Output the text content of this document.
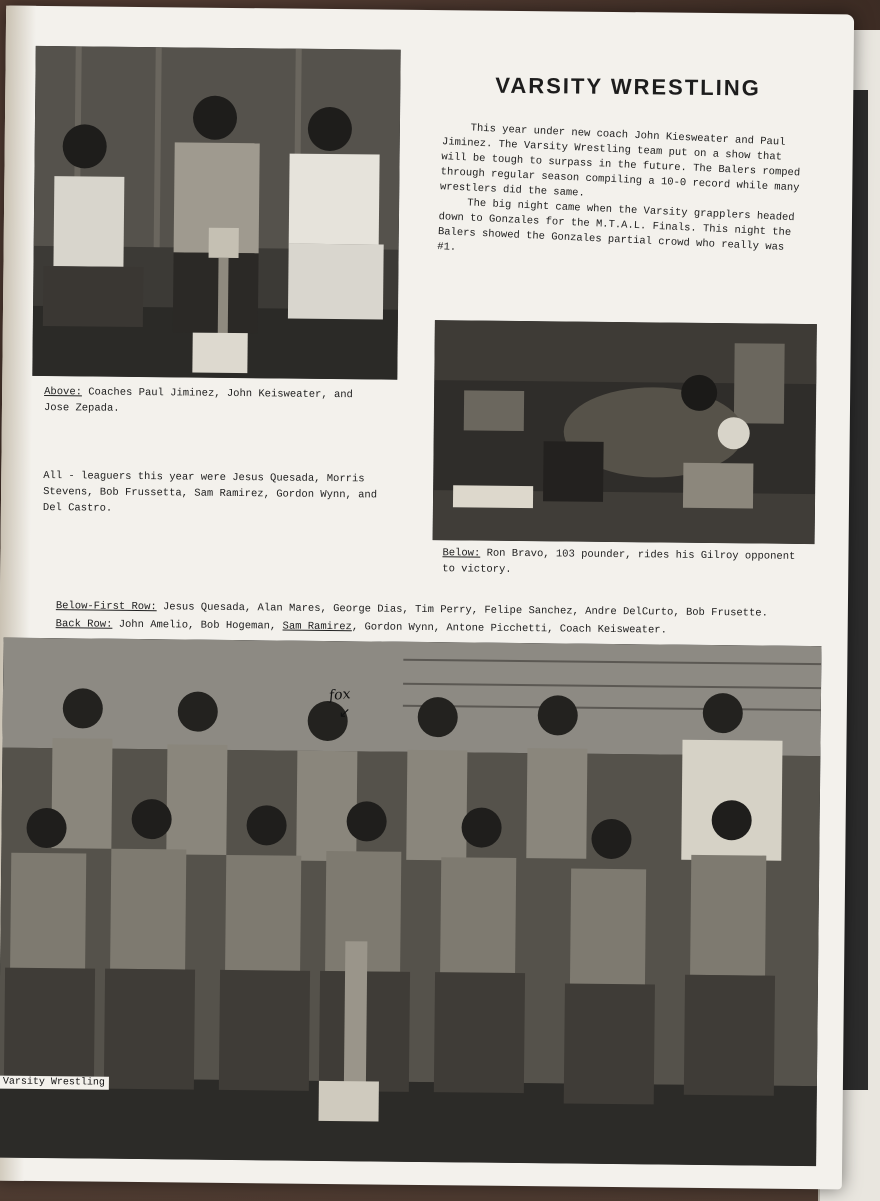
VARSITY WRESTLING

This year under new coach John Kiesweater and Paul Jiminez. The Varsity Wrestling team put on a show that will be tough to surpass in the future. The Balers romped through regular season compiling a 10-0 record while many wrestlers did the same.

The big night came when the Varsity grapplers headed down to Gonzales for the M.T.A.L. Finals. This night the Balers showed the Gonzales partial crowd who really was #1.

Above: Coaches Paul Jiminez, John Keisweater, and Jose Zepada.
All - leaguers this year were Jesus Quesada, Morris Stevens, Bob Frussetta, Sam Ramirez, Gordon Wynn, and Del Castro.
Below: Ron Bravo, 103 pounder, rides his Gilroy opponent to victory.
Below-First Row: Jesus Quesada, Alan Mares, George Dias, Tim Perry, Felipe Sanchez, Andre DelCurto, Bob Frusette.
Back Row: John Amelio, Bob Hogeman, Sam Ramirez, Gordon Wynn, Antone Picchetti, Coach Keisweater.
Varsity Wrestling
fox
↙
